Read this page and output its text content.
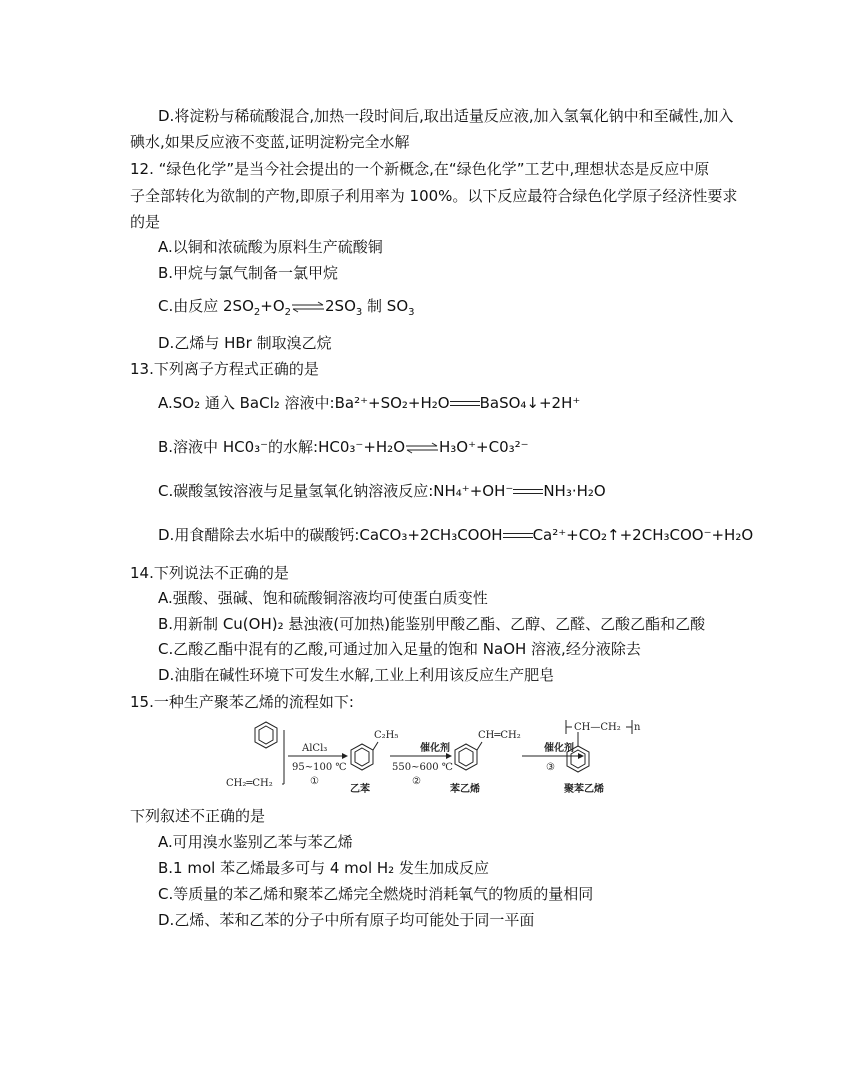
D.将淀粉与稀硫酸混合,加热一段时间后,取出适量反应液,加入氢氧化钠中和至碱性,加入
碘水,如果反应液不变蓝,证明淀粉完全水解
12. “绿色化学”是当今社会提出的一个新概念,在“绿色化学”工艺中,理想状态是反应中原
子全部转化为欲制的产物,即原子利用率为 100%。以下反应最符合绿色化学原子经济性要求
的是
A.以铜和浓硫酸为原料生产硫酸铜
B.甲烷与氯气制备一氯甲烷
C.由反应 $2SO_2+O_2\rightleftharpoons 2SO_3$ 制 $SO_3$
D.乙烯与 HBr 制取溴乙烷
13.下列离子方程式正确的是
A.SO₂ 通入 BaCl₂ 溶液中:Ba²⁺+SO₂+H₂O BaSO₄↓+2H⁺
B.溶液中 HC0₃⁻的水解:HC0₃⁻+H₂O⇌H₃O⁺+C0₃²⁻
C.碳酸氢铵溶液与足量氢氧化钠溶液反应:NH₄⁺+OH⁻ NH₃·H₂O
D.用食醋除去水垢中的碳酸钙:CaCO₃+2CH₃COOH Ca²⁺+CO₂↑+2CH₃COO⁻+H₂O
14.下列说法不正确的是
A.强酸、强碱、饱和硫酸铜溶液均可使蛋白质变性
B.用新制 Cu(OH)₂ 悬浊液(可加热)能鉴别甲酸乙酯、乙醇、乙醛、乙酸乙酯和乙酸
C.乙酸乙酯中混有的乙酸,可通过加入足量的饱和 NaOH 溶液,经分液除去
D.油脂在碱性环境下可发生水解,工业上利用该反应生产肥皂
15.一种生产聚苯乙烯的流程如下:
CH₂═CH₂
AlCl₃
95~100 ℃
①
C₂H₅
乙苯
催化剂
550~600 ℃
②
CH═CH₂
苯乙烯
催化剂
③
CH—CH₂ n
聚苯乙烯
下列叙述不正确的是
A.可用溴水鉴别乙苯与苯乙烯
B.1 mol 苯乙烯最多可与 4 mol H₂ 发生加成反应
C.等质量的苯乙烯和聚苯乙烯完全燃烧时消耗氧气的物质的量相同
D.乙烯、苯和乙苯的分子中所有原子均可能处于同一平面
